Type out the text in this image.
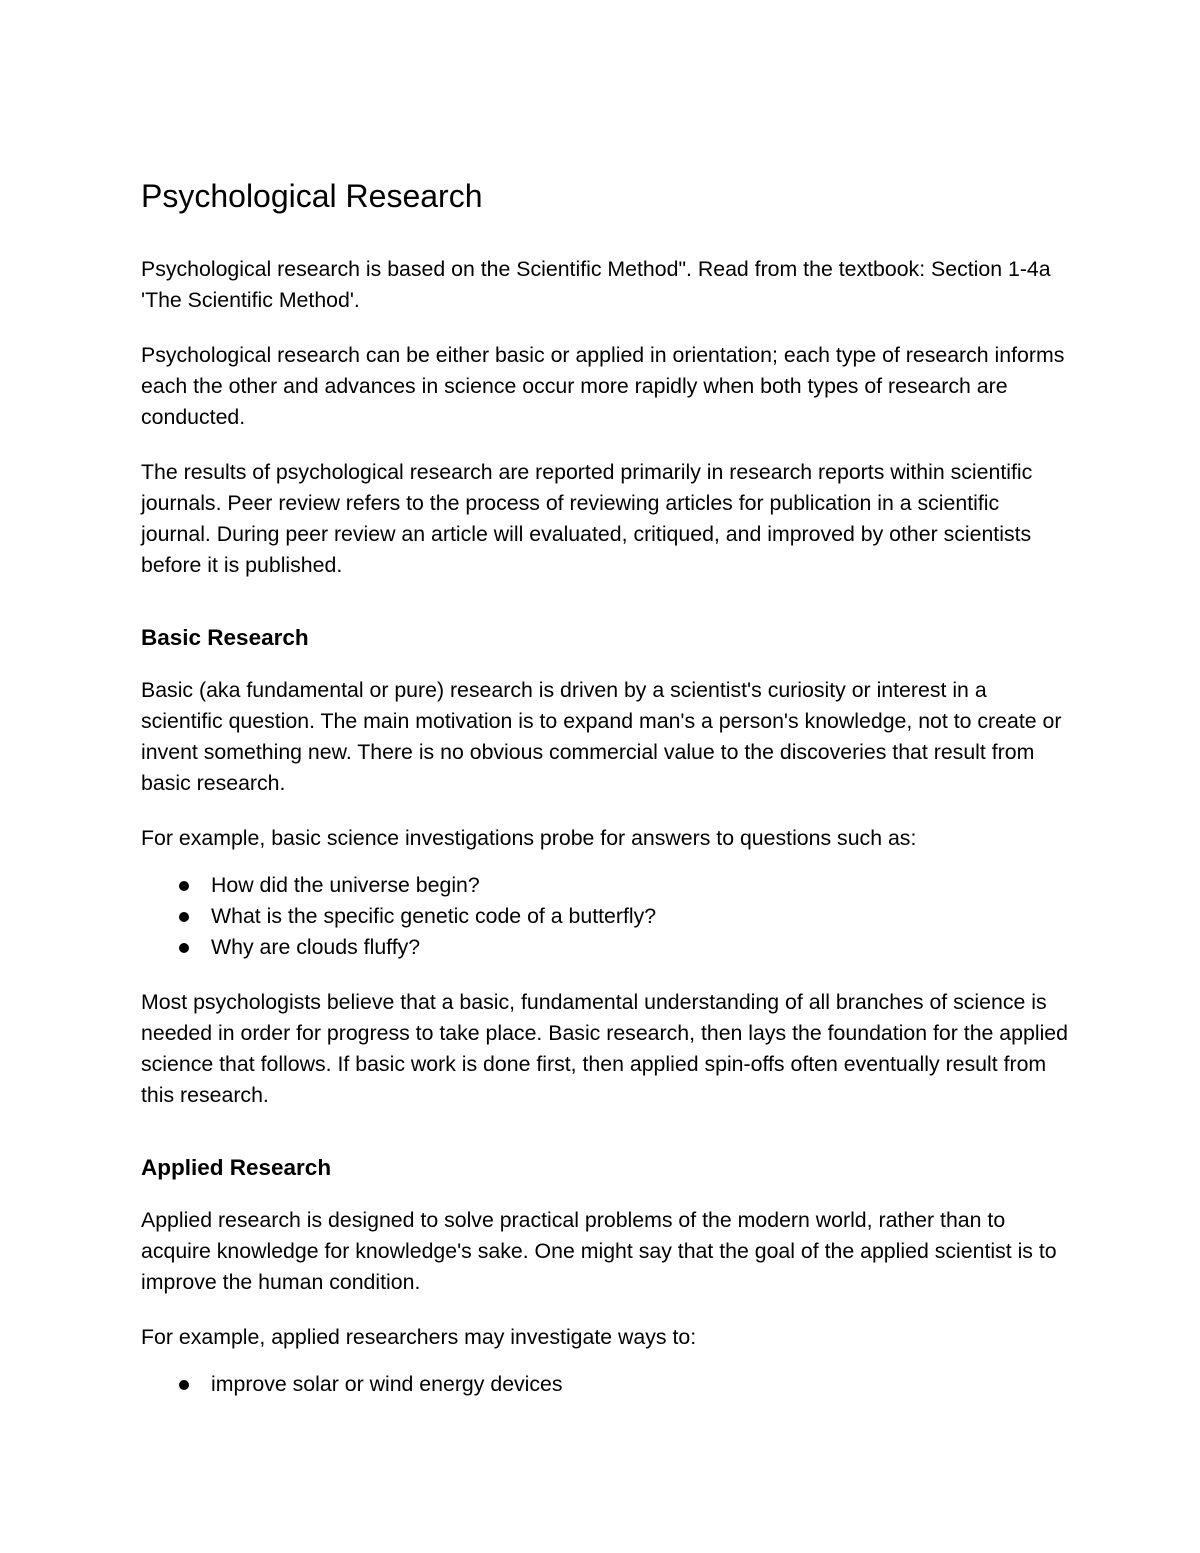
Psychological Research

Psychological research is based on the Scientific Method". Read from the textbook: Section 1-4a 'The Scientific Method'.

Psychological research can be either basic or applied in orientation; each type of research informs each the other and advances in science occur more rapidly when both types of research are conducted.

The results of psychological research are reported primarily in research reports within scientific journals. Peer review refers to the process of reviewing articles for publication in a scientific journal. During peer review an article will evaluated, critiqued, and improved by other scientists before it is published.

Basic Research

Basic (aka fundamental or pure) research is driven by a scientist's curiosity or interest in a scientific question. The main motivation is to expand man's a person's knowledge, not to create or invent something new. There is no obvious commercial value to the discoveries that result from basic research.

For example, basic science investigations probe for answers to questions such as:

How did the universe begin?
What is the specific genetic code of a butterfly?
Why are clouds fluffy?

Most psychologists believe that a basic, fundamental understanding of all branches of science is needed in order for progress to take place. Basic research, then lays the foundation for the applied science that follows. If basic work is done first, then applied spin-offs often eventually result from this research.

Applied Research

Applied research is designed to solve practical problems of the modern world, rather than to acquire knowledge for knowledge's sake. One might say that the goal of the applied scientist is to improve the human condition.

For example, applied researchers may investigate ways to:

improve solar or wind energy devices
